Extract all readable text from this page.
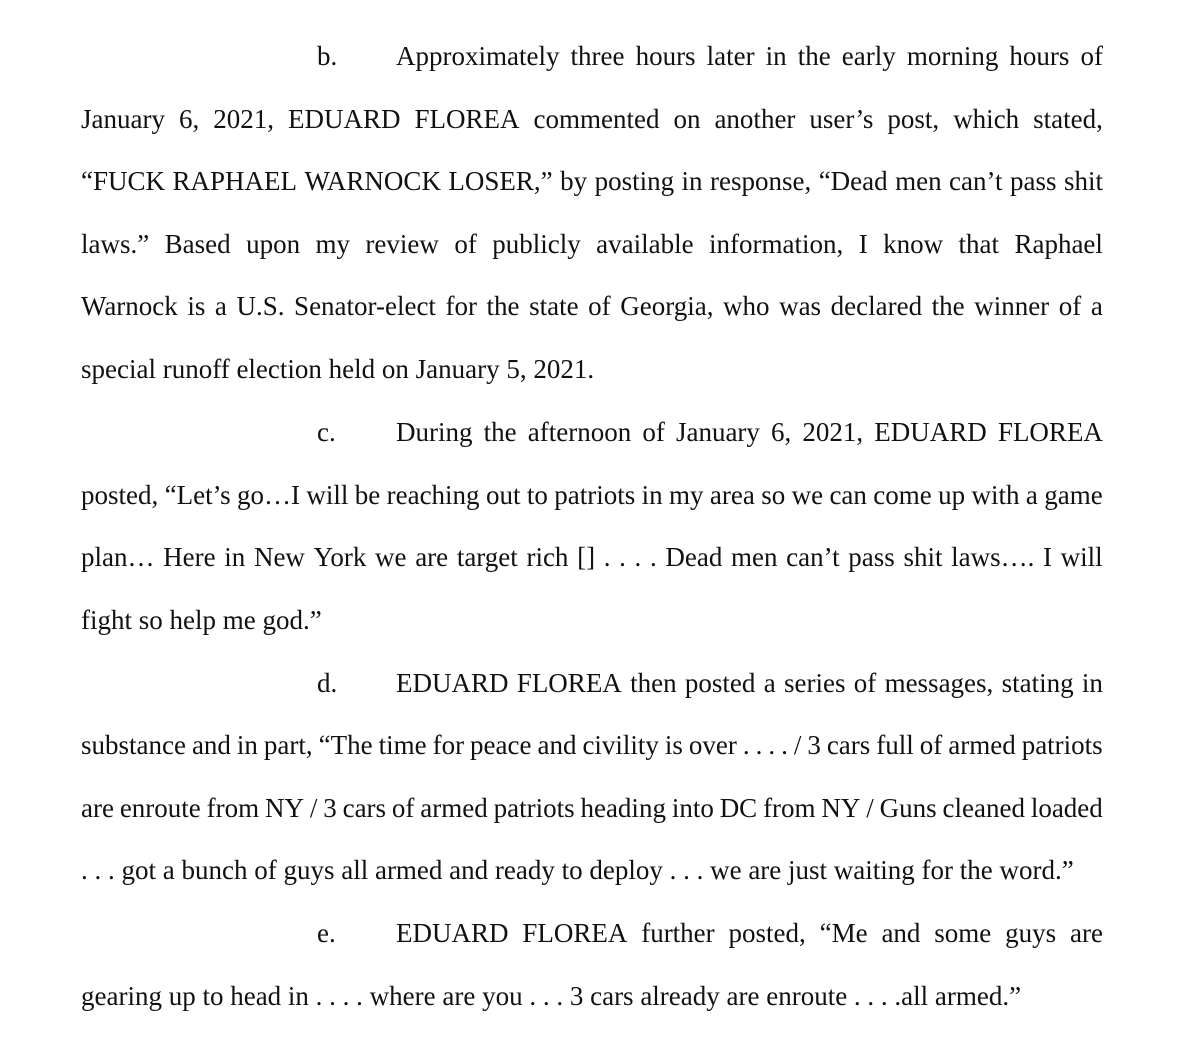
b. Approximately three hours later in the early morning hours of
January 6, 2021, EDUARD FLOREA commented on another user’s post, which stated,
“FUCK RAPHAEL WARNOCK LOSER,” by posting in response, “Dead men can’t pass shit
laws.” Based upon my review of publicly available information, I know that Raphael
Warnock is a U.S. Senator-elect for the state of Georgia, who was declared the winner of a
special runoff election held on January 5, 2021.
c. During the afternoon of January 6, 2021, EDUARD FLOREA
posted, “Let’s go…I will be reaching out to patriots in my area so we can come up with a game
plan… Here in New York we are target rich [] . . . . Dead men can’t pass shit laws…. I will
fight so help me god.”
d. EDUARD FLOREA then posted a series of messages, stating in
substance and in part, “The time for peace and civility is over . . . . / 3 cars full of armed patriots
are enroute from NY / 3 cars of armed patriots heading into DC from NY / Guns cleaned loaded
. . . got a bunch of guys all armed and ready to deploy . . . we are just waiting for the word.”
e. EDUARD FLOREA further posted, “Me and some guys are
gearing up to head in . . . . where are you . . . 3 cars already are enroute . . . .all armed.”
